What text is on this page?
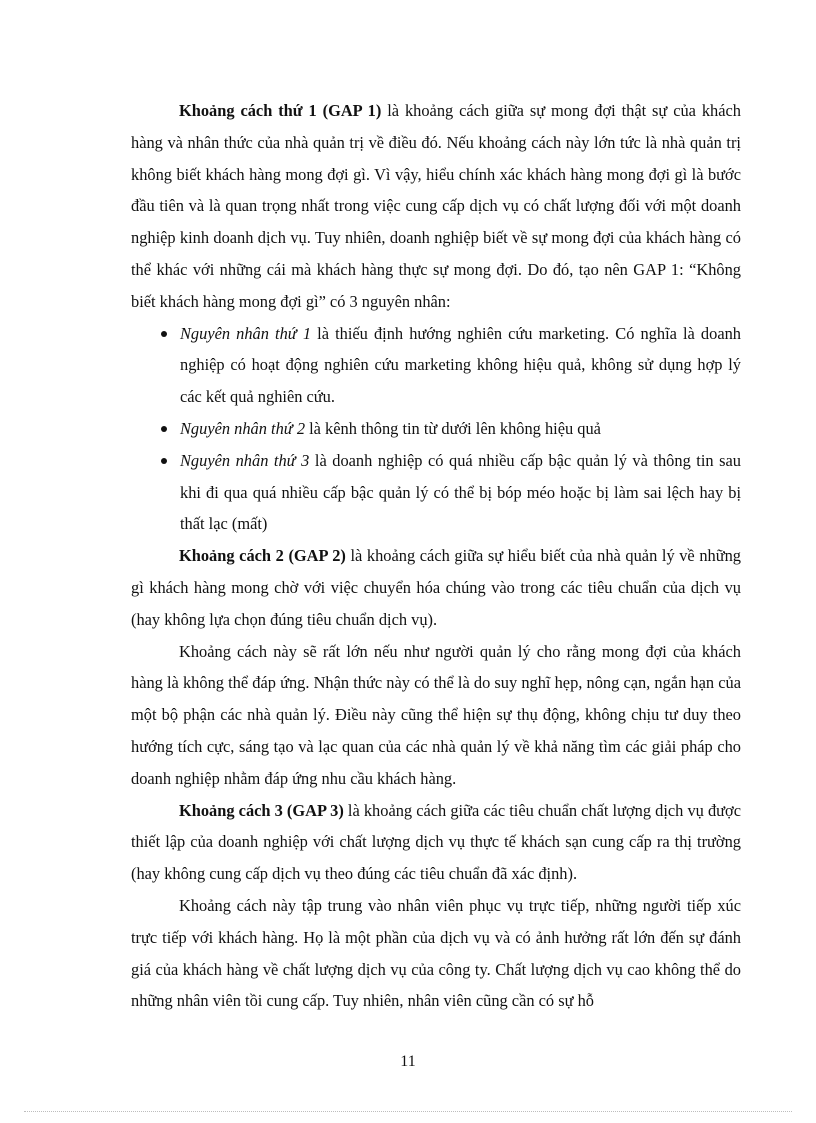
Khoảng cách thứ 1 (GAP 1) là khoảng cách giữa sự mong đợi thật sự của khách hàng và nhân thức của nhà quản trị về điều đó. Nếu khoảng cách này lớn tức là nhà quản trị không biết khách hàng mong đợi gì. Vì vậy, hiểu chính xác khách hàng mong đợi gì là bước đầu tiên và là quan trọng nhất trong việc cung cấp dịch vụ có chất lượng đối với một doanh nghiệp kinh doanh dịch vụ. Tuy nhiên, doanh nghiệp biết về sự mong đợi của khách hàng có thể khác với những cái mà khách hàng thực sự mong đợi. Do đó, tạo nên GAP 1: “Không biết khách hàng mong đợi gì” có 3 nguyên nhân:

Nguyên nhân thứ 1 là thiếu định hướng nghiên cứu marketing. Có nghĩa là doanh nghiệp có hoạt động nghiên cứu marketing không hiệu quả, không sử dụng hợp lý các kết quả nghiên cứu.
Nguyên nhân thứ 2 là kênh thông tin từ dưới lên không hiệu quả
Nguyên nhân thứ 3 là doanh nghiệp có quá nhiều cấp bậc quản lý và thông tin sau khi đi qua quá nhiều cấp bậc quản lý có thể bị bóp méo hoặc bị làm sai lệch hay bị thất lạc (mất)

Khoảng cách 2 (GAP 2) là khoảng cách giữa sự hiểu biết của nhà quản lý về những gì khách hàng mong chờ với việc chuyển hóa chúng vào trong các tiêu chuẩn của dịch vụ (hay không lựa chọn đúng tiêu chuẩn dịch vụ).

Khoảng cách này sẽ rất lớn nếu như người quản lý cho rằng mong đợi của khách hàng là không thể đáp ứng. Nhận thức này có thể là do suy nghĩ hẹp, nông cạn, ngắn hạn của một bộ phận các nhà quản lý. Điều này cũng thể hiện sự thụ động, không chịu tư duy theo hướng tích cực, sáng tạo và lạc quan của các nhà quản lý về khả năng tìm các giải pháp cho doanh nghiệp nhằm đáp ứng nhu cầu khách hàng.

Khoảng cách 3 (GAP 3) là khoảng cách giữa các tiêu chuẩn chất lượng dịch vụ được thiết lập của doanh nghiệp với chất lượng dịch vụ thực tế khách sạn cung cấp ra thị trường (hay không cung cấp dịch vụ theo đúng các tiêu chuẩn đã xác định).

Khoảng cách này tập trung vào nhân viên phục vụ trực tiếp, những người tiếp xúc trực tiếp với khách hàng. Họ là một phần của dịch vụ và có ảnh hưởng rất lớn đến sự đánh giá của khách hàng về chất lượng dịch vụ của công ty. Chất lượng dịch vụ cao không thể do những nhân viên tồi cung cấp. Tuy nhiên, nhân viên cũng cần có sự hỗ

11
